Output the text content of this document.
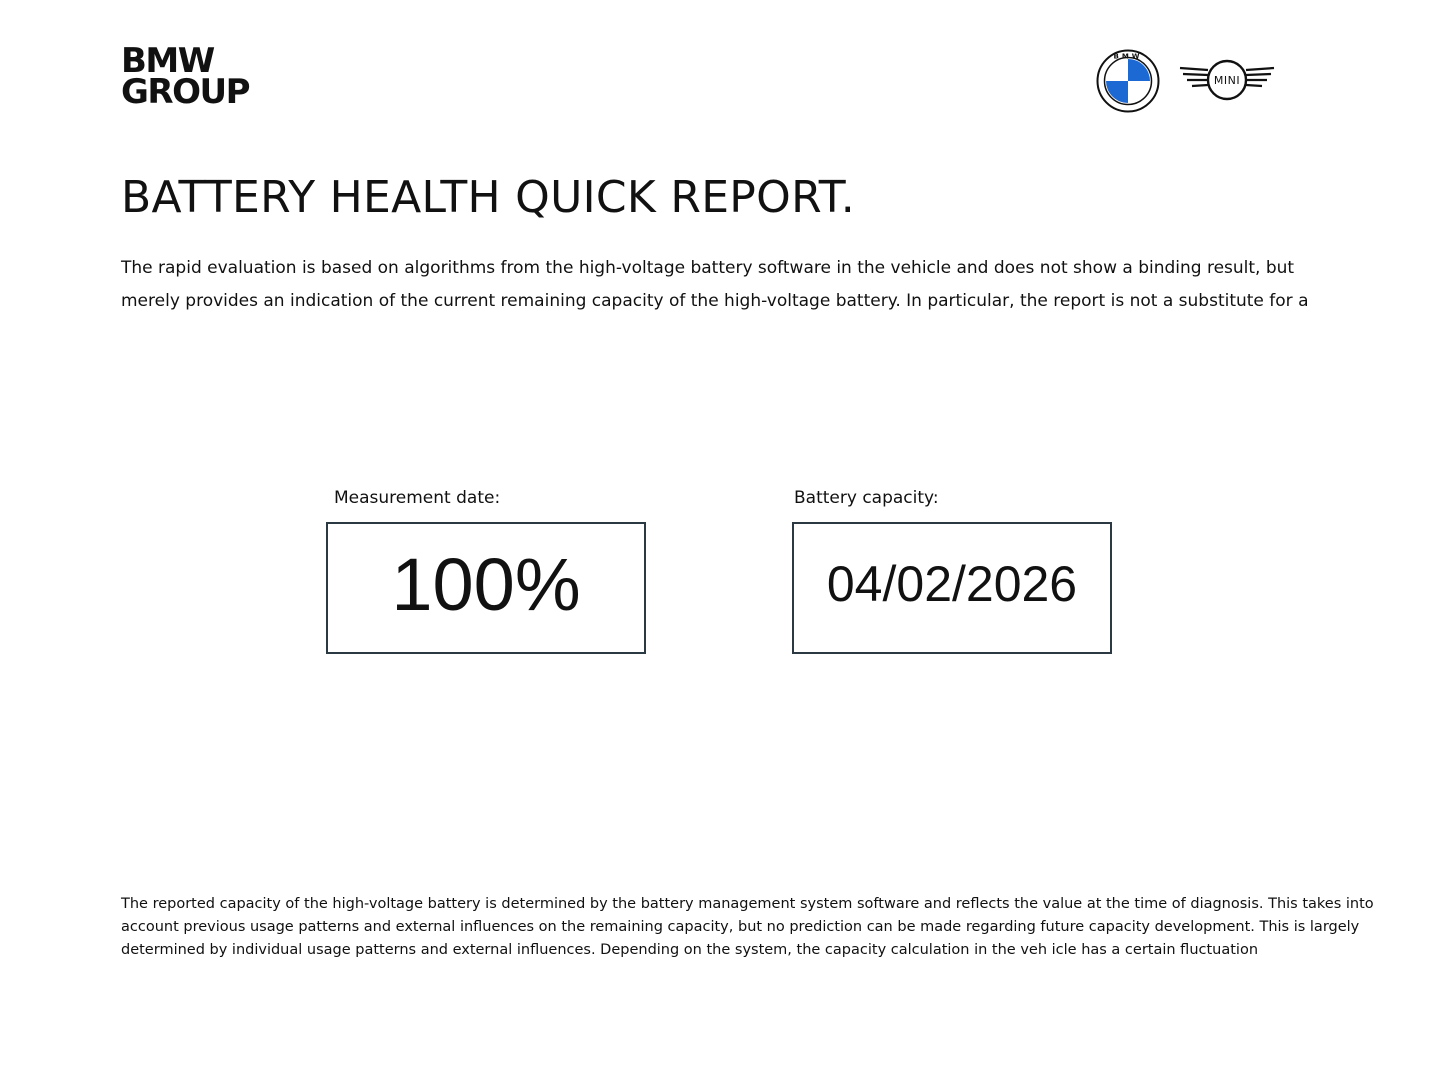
BMW
GROUP
BMW
MINI
BATTERY HEALTH QUICK REPORT.

The rapid evaluation is based on algorithms from the high-voltage battery software in the vehicle and does not show a binding result, but

merely provides an indication of the current remaining capacity of the high-voltage battery. In particular, the report is not a substitute for a

Measurement date:
100%
Battery capacity:
04/02/2026

The reported capacity of the high-voltage battery is determined by the battery management system software and reflects the value at the time of diagnosis. This takes into

account previous usage patterns and external influences on the remaining capacity, but no prediction can be made regarding future capacity development. This is largely

determined by individual usage patterns and external influences. Depending on the system, the capacity calculation in the veh icle has a certain fluctuation
